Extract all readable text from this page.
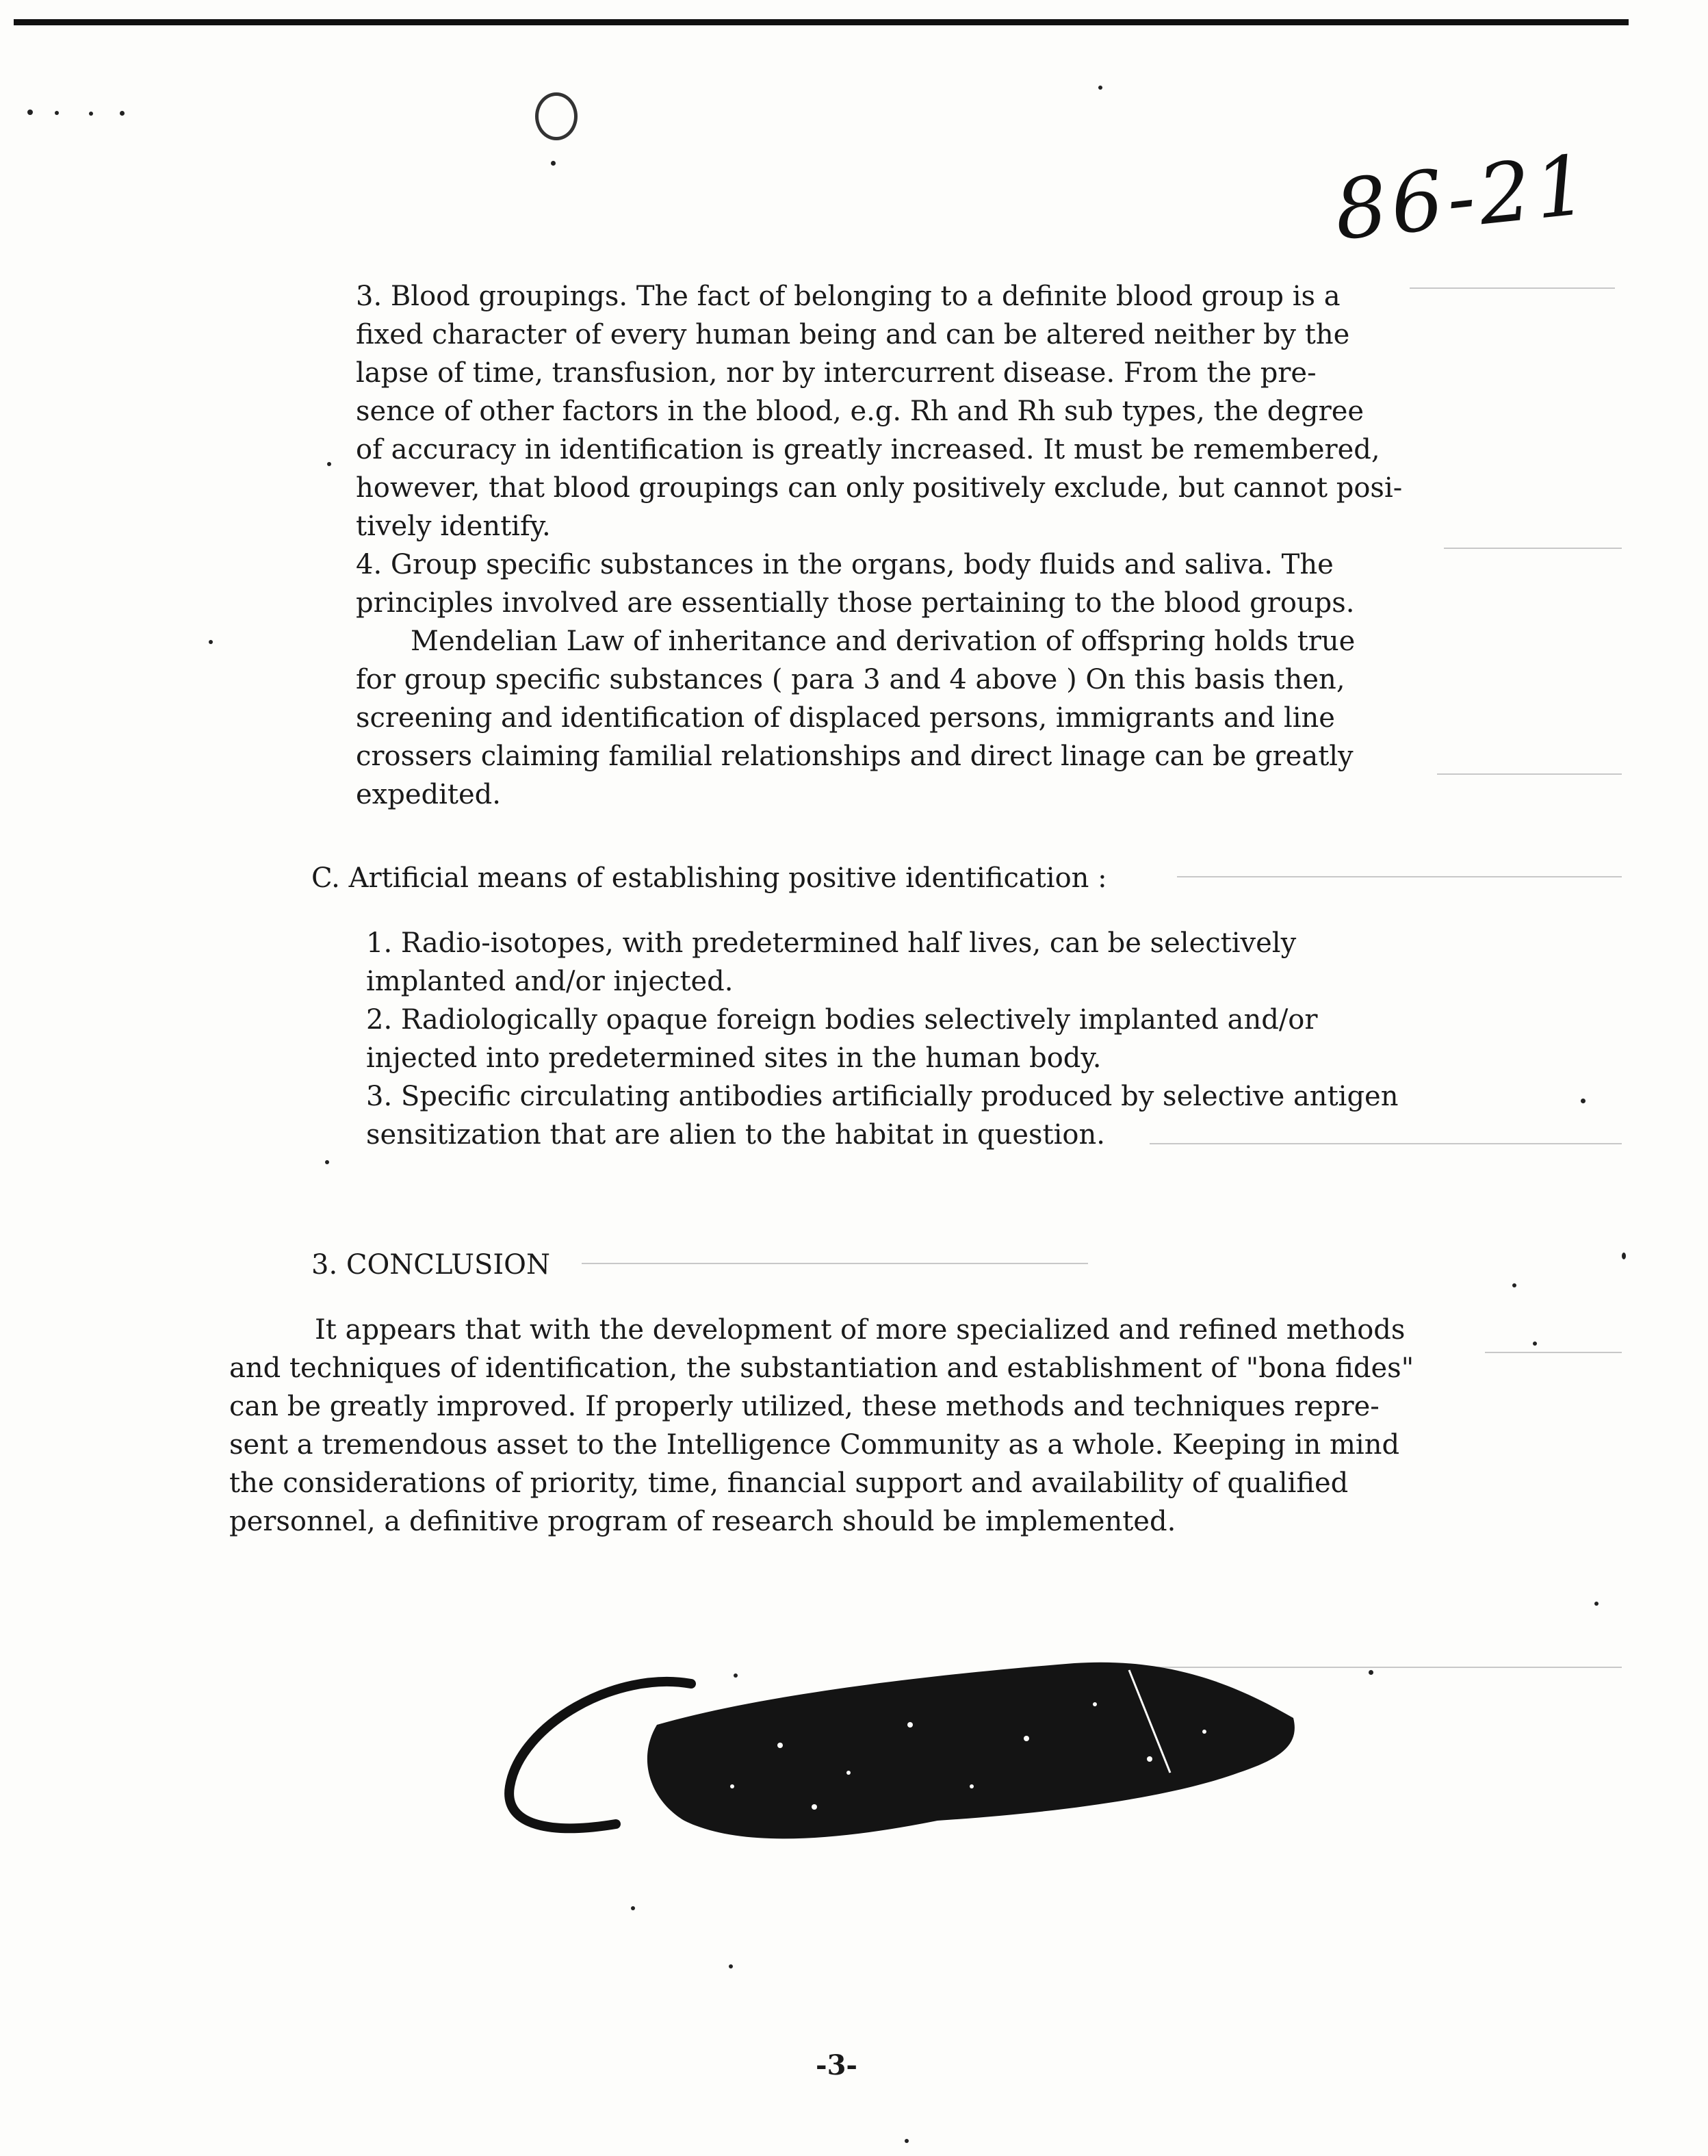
86-21
3. Blood groupings. The fact of belonging to a definite blood group is a
fixed character of every human being and can be altered neither by the
lapse of time, transfusion, nor by intercurrent disease. From the pre-
sence of other factors in the blood, e.g. Rh and Rh sub types, the degree
of accuracy in identification is greatly increased. It must be remembered,
however, that blood groupings can only positively exclude, but cannot posi-
tively identify.
4. Group specific substances in the organs, body fluids and saliva. The
principles involved are essentially those pertaining to the blood groups.
Mendelian Law of inheritance and derivation of offspring holds true
for group specific substances ( para 3 and 4 above ) On this basis then,
screening and identification of displaced persons, immigrants and line
crossers claiming familial relationships and direct linage can be greatly
expedited.
C. Artificial means of establishing positive identification :
1. Radio-isotopes, with predetermined half lives, can be selectively
implanted and/or injected.
2. Radiologically opaque foreign bodies selectively implanted and/or
injected into predetermined sites in the human body.
3. Specific circulating antibodies artificially produced by selective antigen
sensitization that are alien to the habitat in question.
3. CONCLUSION
It appears that with the development of more specialized and refined methods
and techniques of identification, the substantiation and establishment of "bona fides"
can be greatly improved. If properly utilized, these methods and techniques repre-
sent a tremendous asset to the Intelligence Community as a whole. Keeping in mind
the considerations of priority, time, financial support and availability of qualified
personnel, a definitive program of research should be implemented.
-3-
